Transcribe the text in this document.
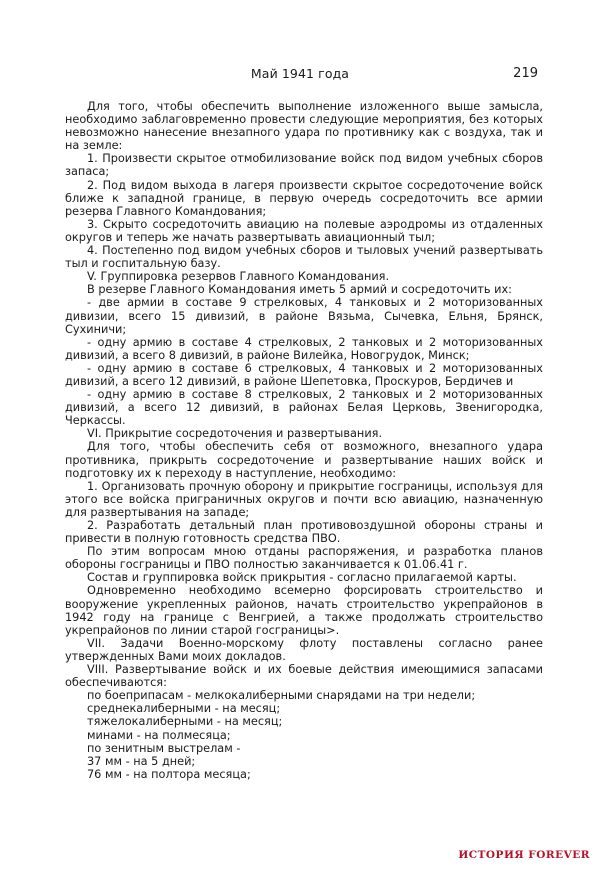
Май 1941 года	219

Для того, чтобы обеспечить выполнение изложенного выше замысла, необходимо заблаговременно провести следующие мероприятия, без которых невозможно нанесение внезапного удара по противнику как с воздуха, так и на земле:

1. Произвести скрытое отмобилизование войск под видом учебных сборов запаса;

2. Под видом выхода в лагеря произвести скрытое сосредоточение войск ближе к западной границе, в первую очередь сосредоточить все армии резерва Главного Командования;

3. Скрыто сосредоточить авиацию на полевые аэродромы из отдаленных округов и теперь же начать развертывать авиационный тыл;

4. Постепенно под видом учебных сборов и тыловых учений развертывать тыл и госпитальную базу.

V. Группировка резервов Главного Командования.

В резерве Главного Командования иметь 5 армий и сосредоточить их:

- две армии в составе 9 стрелковых, 4 танковых и 2 моторизованных дивизии, всего 15 дивизий, в районе Вязьма, Сычевка, Ельня, Брянск, Сухиничи;

- одну армию в составе 4 стрелковых, 2 танковых и 2 моторизованных дивизий, а всего 8 дивизий, в районе Вилейка, Новогрудок, Минск;

- одну армию в составе 6 стрелковых, 4 танковых и 2 моторизованных дивизий, а всего 12 дивизий, в районе Шепетовка, Проскуров, Бердичев и

- одну армию в составе 8 стрелковых, 2 танковых и 2 моторизованных дивизий, а всего 12 дивизий, в районах Белая Церковь, Звенигородка, Черкассы.

VI. Прикрытие сосредоточения и развертывания.

Для того, чтобы обеспечить себя от возможного, внезапного удара противника, прикрыть сосредоточение и развертывание наших войск и подготовку их к переходу в наступление, необходимо:

1. Организовать прочную оборону и прикрытие госграницы, используя для этого все войска приграничных округов и почти всю авиацию, назначенную для развертывания на западе;

2. Разработать детальный план противовоздушной обороны страны и привести в полную готовность средства ПВО.

По этим вопросам мною отданы распоряжения, и разработка планов обороны госграницы и ПВО полностью заканчивается к 01.06.41 г.

Состав и группировка войск прикрытия - согласно прилагаемой карты.

Одновременно необходимо всемерно форсировать строительство и вооружение укрепленных районов, начать строительство укрепрайонов в 1942 году на границе с Венгрией, а также продолжать строительство укрепрайонов по линии старой госграницы>.

VII. Задачи Военно-морскому флоту поставлены согласно ранее утвержденных Вами моих докладов.

VIII. Развертывание войск и их боевые действия имеющимися запасами обеспечиваются:

по боеприпасам - мелкокалиберными снарядами на три недели;

среднекалиберными - на месяц;

тяжелокалиберными - на месяц;

минами - на полмесяца;

по зенитным выстрелам -

37 мм - на 5 дней;

76 мм - на полтора месяца;

ИСТОРИЯ FOREVER
